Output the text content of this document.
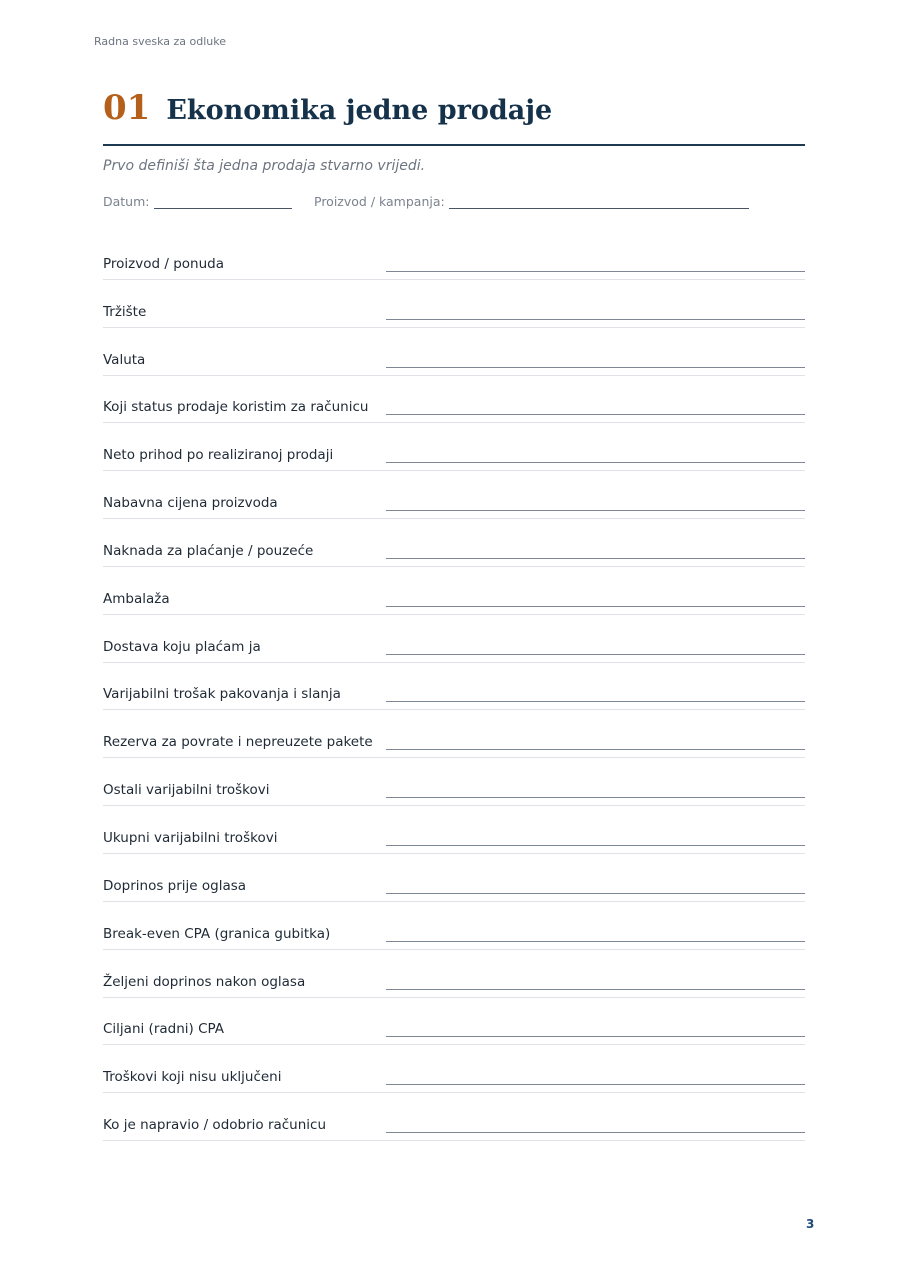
Radna sveska za odluke
01 Ekonomika jedne prodaje
Prvo definiši šta jedna prodaja stvarno vrijedi.
Datum:	Proizvod / kampanja:
Proizvod / ponuda
Tržište
Valuta
Koji status prodaje koristim za računicu
Neto prihod po realiziranoj prodaji
Nabavna cijena proizvoda
Naknada za plaćanje / pouzeće
Ambalaža
Dostava koju plaćam ja
Varijabilni trošak pakovanja i slanja
Rezerva za povrate i nepreuzete pakete
Ostali varijabilni troškovi
Ukupni varijabilni troškovi
Doprinos prije oglasa
Break-even CPA (granica gubitka)
Željeni doprinos nakon oglasa
Ciljani (radni) CPA
Troškovi koji nisu uključeni
Ko je napravio / odobrio računicu
3
